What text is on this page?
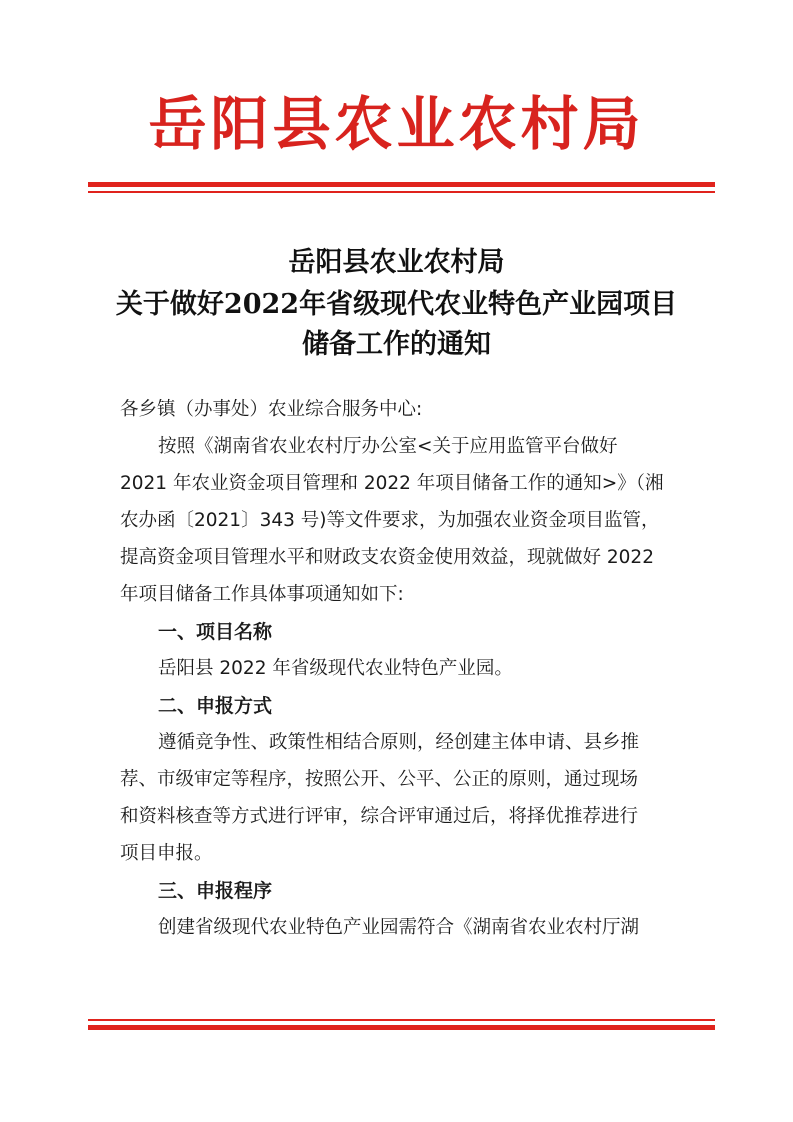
岳阳县农业农村局
岳阳县农业农村局
关于做好2022年省级现代农业特色产业园项目
储备工作的通知
各乡镇（办事处）农业综合服务中心:
按照《湖南省农业农村厅办公室<关于应用监管平台做好
2021 年农业资金项目管理和 2022 年项目储备工作的通知>》（湘
农办函〔2021〕343 号)等文件要求，为加强农业资金项目监管，
提高资金项目管理水平和财政支农资金使用效益，现就做好 2022
年项目储备工作具体事项通知如下:
一、项目名称
岳阳县 2022 年省级现代农业特色产业园。
二、申报方式
遵循竞争性、政策性相结合原则，经创建主体申请、县乡推
荐、市级审定等程序，按照公开、公平、公正的原则，通过现场
和资料核查等方式进行评审，综合评审通过后，将择优推荐进行
项目申报。
三、申报程序
创建省级现代农业特色产业园需符合《湖南省农业农村厅湖
